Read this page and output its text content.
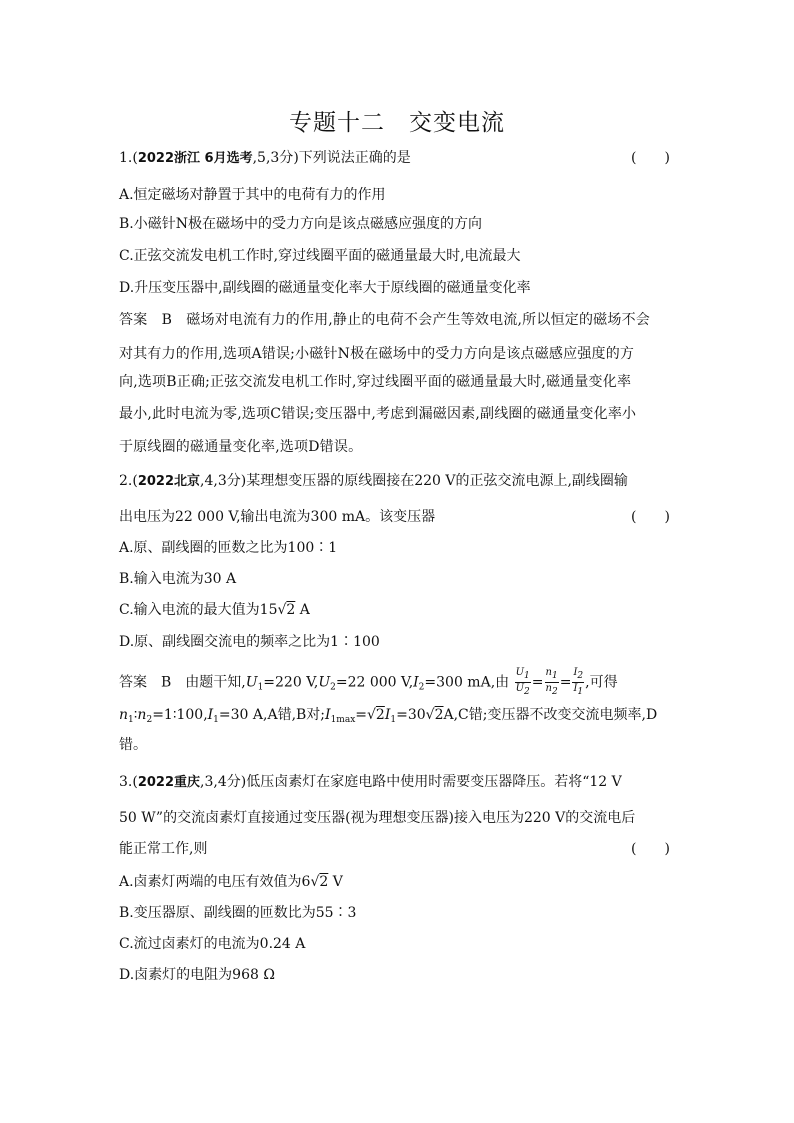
专题十二　交变电流
1.(2022浙江 6月选考,5,3分)下列说法正确的是	(　　)
A.恒定磁场对静置于其中的电荷有力的作用
B.小磁针N极在磁场中的受力方向是该点磁感应强度的方向
C.正弦交流发电机工作时,穿过线圈平面的磁通量最大时,电流最大
D.升压变压器中,副线圈的磁通量变化率大于原线圈的磁通量变化率
答案　B　磁场对电流有力的作用,静止的电荷不会产生等效电流,所以恒定的磁场不会
对其有力的作用,选项A错误;小磁针N极在磁场中的受力方向是该点磁感应强度的方
向,选项B正确;正弦交流发电机工作时,穿过线圈平面的磁通量最大时,磁通量变化率
最小,此时电流为零,选项C错误;变压器中,考虑到漏磁因素,副线圈的磁通量变化率小
于原线圈的磁通量变化率,选项D错误。
2.(2022北京,4,3分)某理想变压器的原线圈接在220 V的正弦交流电源上,副线圈输
出电压为22 000 V,输出电流为300 mA。该变压器	(　　)
A.原、副线圈的匝数之比为100∶1
B.输入电流为30 A
C.输入电流的最大值为15√2 A
D.原、副线圈交流电的频率之比为1∶100
答案　B　由题干知$,U_1=220$ $V,U_2=22$ 000 $V,I_2=300$ mA,由 $\frac{U_1}{U_2} = \frac{n_1}{n_2} = \frac{I_2}{I_1}$ ,可得
$n_1∶n_2=1∶100,I_1=30$ A,A错,B对$;I_{1max}=√2I_1=30√2A,C$错;变压器不改变交流电频率,D
错。
3.(2022重庆,3,4分)低压卤素灯在家庭电路中使用时需要变压器降压。若将“12 V
50 W”的交流卤素灯直接通过变压器(视为理想变压器)接入电压为220 V的交流电后
能正常工作,则	(　　)
A.卤素灯两端的电压有效值为6√2 V
B.变压器原、副线圈的匝数比为55∶3
C.流过卤素灯的电流为0.24 A
D.卤素灯的电阻为968 Ω
